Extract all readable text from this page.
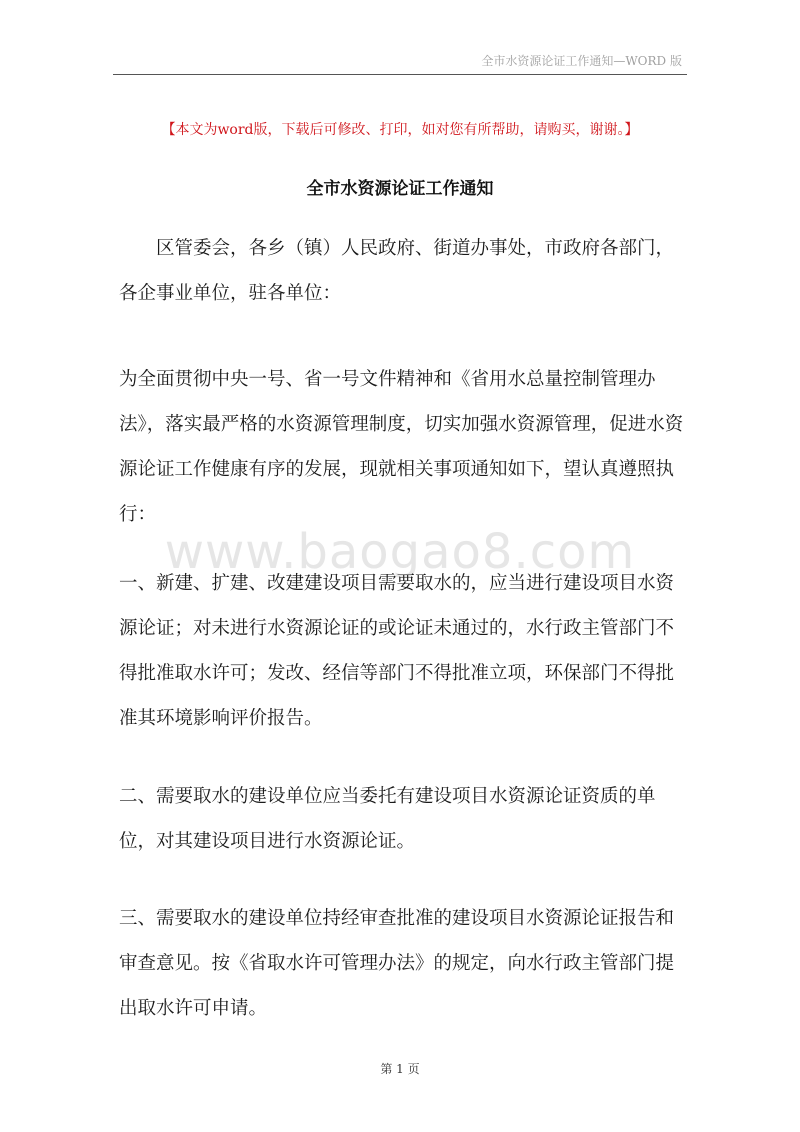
全市水资源论证工作通知—WORD 版
【本文为word版，下载后可修改、打印，如对您有所帮助，请购买，谢谢。】
全市水资源论证工作通知

区管委会，各乡（镇）人民政府、街道办事处，市政府各部门，各企事业单位，驻各单位：

为全面贯彻中央一号、省一号文件精神和《省用水总量控制管理办法》，落实最严格的水资源管理制度，切实加强水资源管理，促进水资源论证工作健康有序的发展，现就相关事项通知如下，望认真遵照执行：

www.baogao8.com

一、新建、扩建、改建建设项目需要取水的，应当进行建设项目水资源论证；对未进行水资源论证的或论证未通过的，水行政主管部门不得批准取水许可；发改、经信等部门不得批准立项，环保部门不得批准其环境影响评价报告。

二、需要取水的建设单位应当委托有建设项目水资源论证资质的单位，对其建设项目进行水资源论证。

三、需要取水的建设单位持经审查批准的建设项目水资源论证报告和审查意见。按《省取水许可管理办法》的规定，向水行政主管部门提出取水许可申请。

第 1 页
